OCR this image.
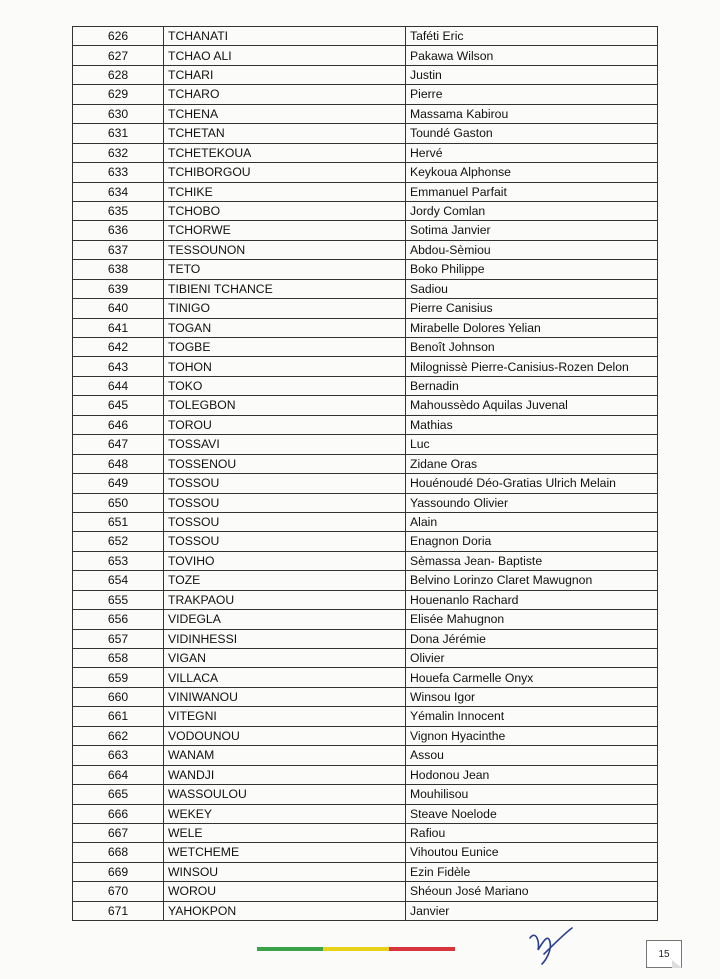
626	TCHANATI	Taféti Eric
627	TCHAO ALI	Pakawa Wilson
628	TCHARI	Justin
629	TCHARO	Pierre
630	TCHENA	Massama Kabirou
631	TCHETAN	Toundé Gaston
632	TCHETEKOUA	Hervé
633	TCHIBORGOU	Keykoua Alphonse
634	TCHIKE	Emmanuel Parfait
635	TCHOBO	Jordy Comlan
636	TCHORWE	Sotima Janvier
637	TESSOUNON	Abdou-Sèmiou
638	TETO	Boko Philippe
639	TIBIENI TCHANCE	Sadiou
640	TINIGO	Pierre Canisius
641	TOGAN	Mirabelle Dolores Yelian
642	TOGBE	Benoît Johnson
643	TOHON	Milognissè Pierre-Canisius-Rozen Delon
644	TOKO	Bernadin
645	TOLEGBON	Mahoussèdo Aquilas Juvenal
646	TOROU	Mathias
647	TOSSAVI	Luc
648	TOSSENOU	Zidane Oras
649	TOSSOU	Houénoudé Déo-Gratias Ulrich Melain
650	TOSSOU	Yassoundo Olivier
651	TOSSOU	Alain
652	TOSSOU	Enagnon Doria
653	TOVIHO	Sèmassa Jean- Baptiste
654	TOZE	Belvino Lorinzo Claret Mawugnon
655	TRAKPAOU	Houenanlo Rachard
656	VIDEGLA	Elisée Mahugnon
657	VIDINHESSI	Dona Jérémie
658	VIGAN	Olivier
659	VILLACA	Houefa Carmelle Onyx
660	VINIWANOU	Winsou Igor
661	VITEGNI	Yémalin Innocent
662	VODOUNOU	Vignon Hyacinthe
663	WANAM	Assou
664	WANDJI	Hodonou Jean
665	WASSOULOU	Mouhilisou
666	WEKEY	Steave Noelode
667	WELE	Rafiou
668	WETCHEME	Vihoutou Eunice
669	WINSOU	Ezin Fidèle
670	WOROU	Shéoun José Mariano
671	YAHOKPON	Janvier
15
